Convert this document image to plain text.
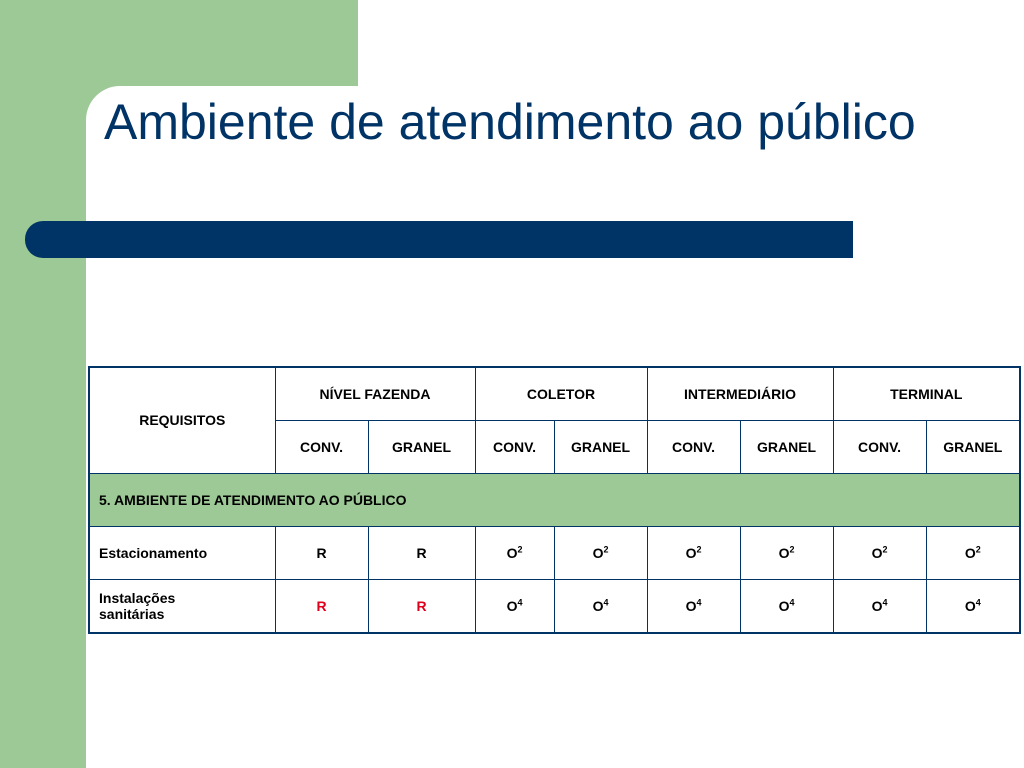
Ambiente de atendimento ao público
REQUISITOS	NÍVEL FAZENDA		COLETOR		INTERMEDIÁRIO		TERMINAL	
	CONV.	GRANEL	CONV.	GRANEL	CONV.	GRANEL	CONV.	GRANEL
5. AMBIENTE DE ATENDIMENTO AO PÚBLICO								
Estacionamento	R	R	$O^2$	$O^2$	$O^2$	$O^2$	$O^2$	$O^2$
Instalações
sanitárias	R	R	$O^4$	$O^4$	$O^4$	$O^4$	$O^4$	$O^4$
